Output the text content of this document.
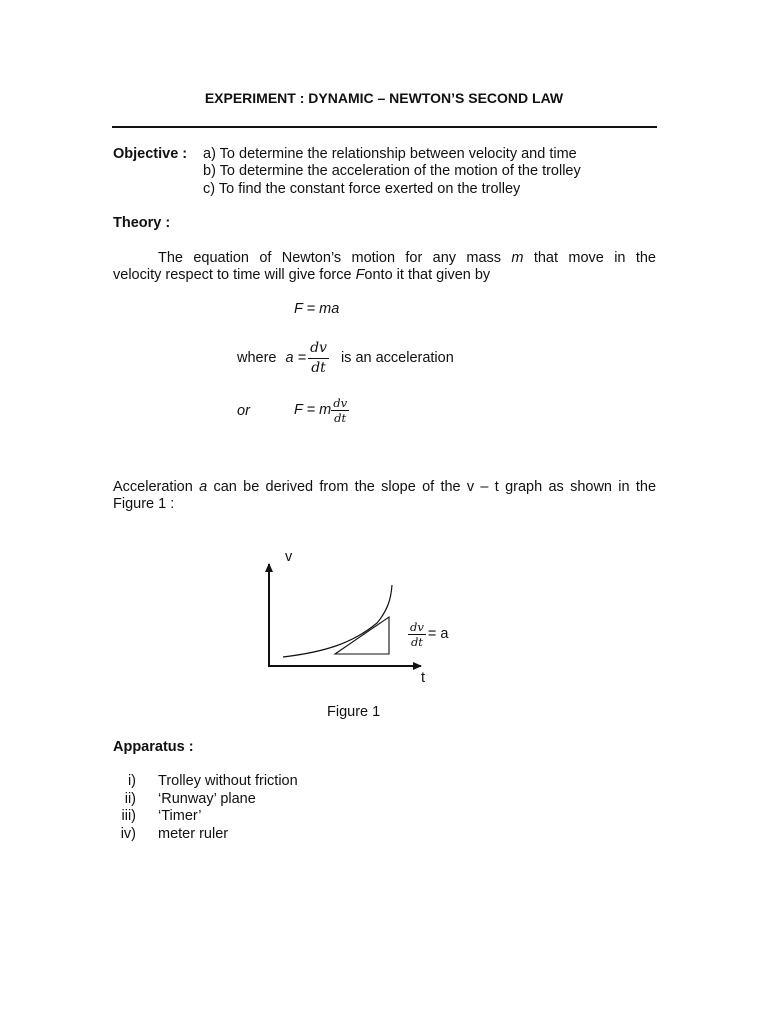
EXPERIMENT : DYNAMIC – NEWTON’S SECOND LAW
Objective : a) To determine the relationship between velocity and time
b) To determine the acceleration of the motion of the trolley
c) To find the constant force exerted on the trolley
Theory :
The equation of Newton’s motion for any mass m that move in the
velocity respect to time will give force Fonto it that given by
F = ma
where $a = \frac{dv}{dt}$ is an acceleration
or	F = m $\frac{dv}{dt}$
Acceleration a can be derived from the slope of the v – t graph as shown in the
Figure 1 :
v
t
$\frac{dv}{dt} = a$
Figure 1
Apparatus :
i) Trolley without friction
ii) ‘Runway’ plane
iii) ‘Timer’
iv) meter ruler
